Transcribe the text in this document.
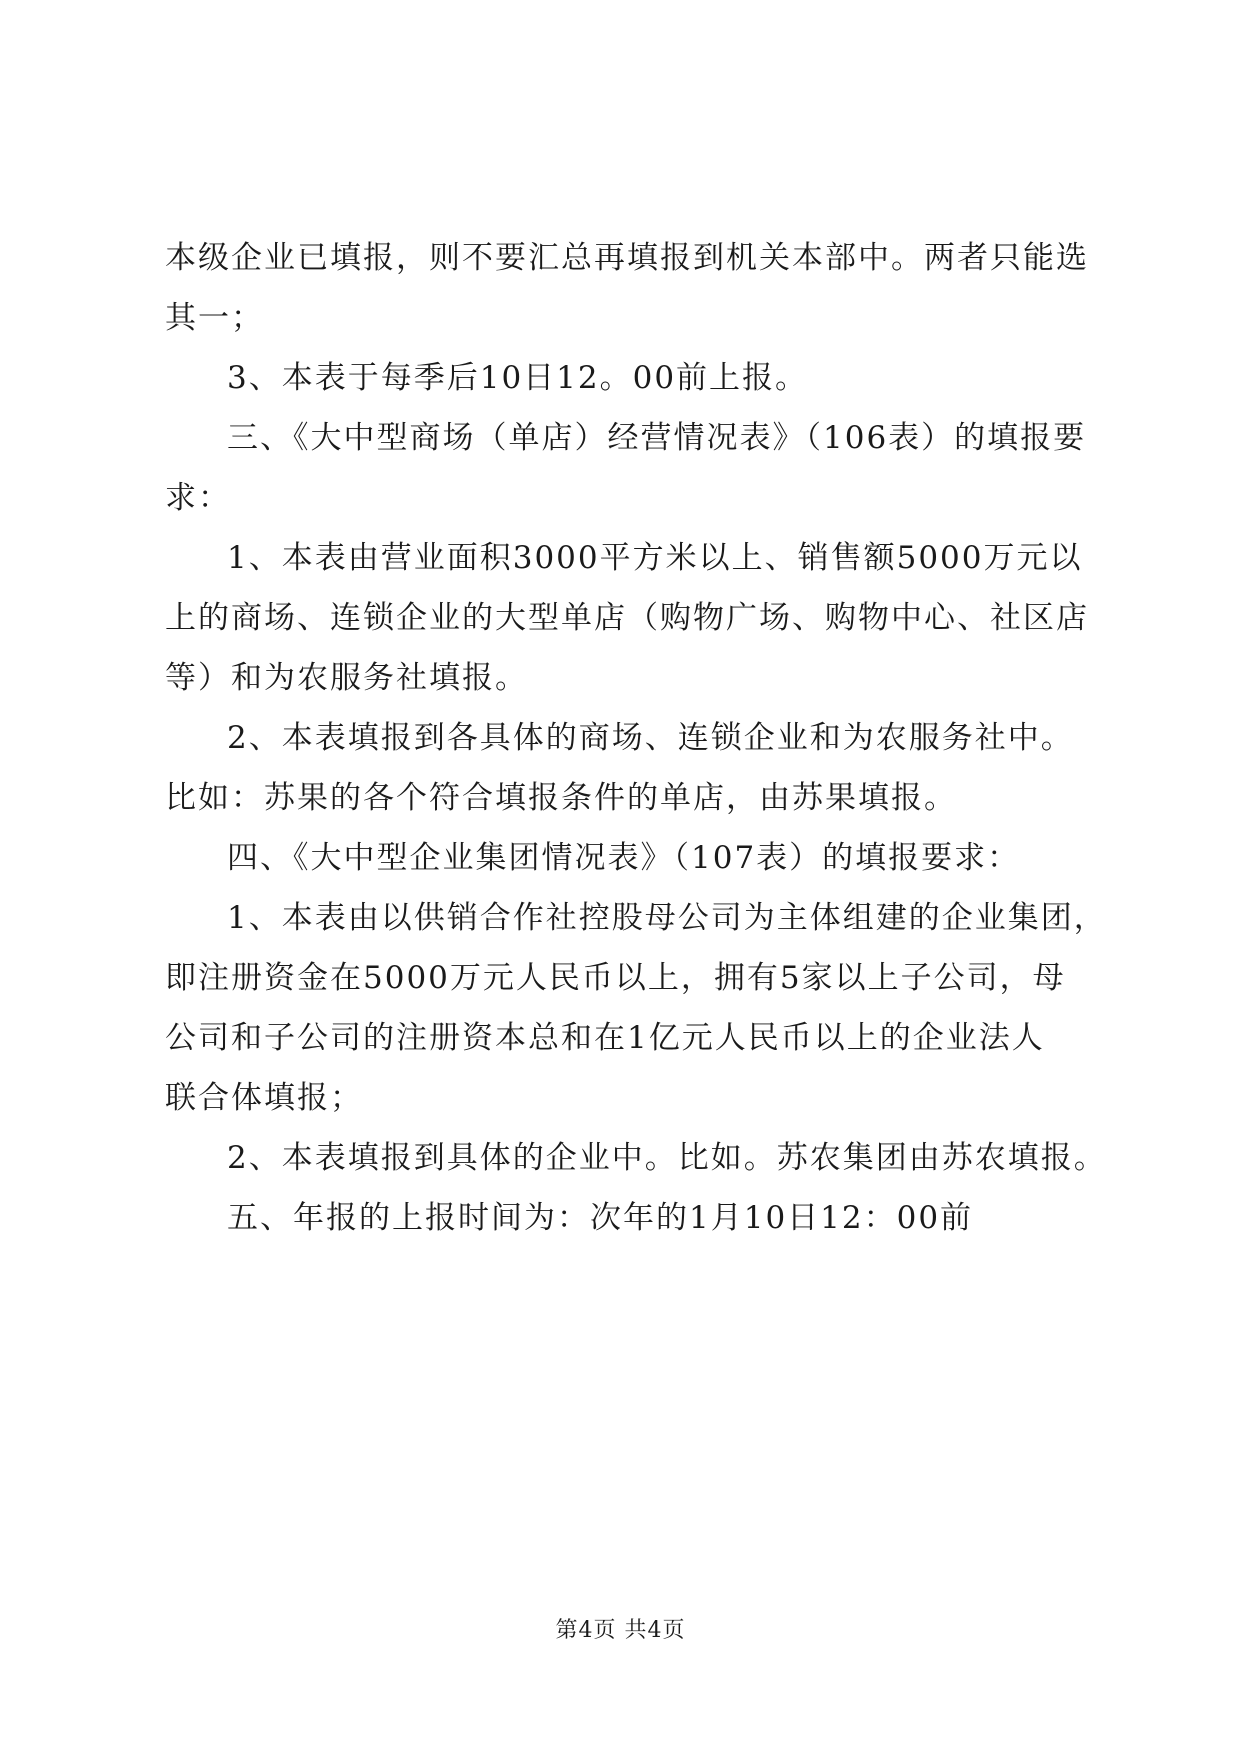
本级企业已填报，则不要汇总再填报到机关本部中。两者只能选
其一；
3、本表于每季后10日12。00前上报。
三、《大中型商场（单店）经营情况表》（106表）的填报要
求：
1、本表由营业面积3000平方米以上、销售额5000万元以
上的商场、连锁企业的大型单店（购物广场、购物中心、社区店
等）和为农服务社填报。
2、本表填报到各具体的商场、连锁企业和为农服务社中。
比如：苏果的各个符合填报条件的单店，由苏果填报。
四、《大中型企业集团情况表》（107表）的填报要求：
1、本表由以供销合作社控股母公司为主体组建的企业集团，
即注册资金在5000万元人民币以上，拥有5家以上子公司，母
公司和子公司的注册资本总和在1亿元人民币以上的企业法人
联合体填报；
2、本表填报到具体的企业中。比如。苏农集团由苏农填报。
五、年报的上报时间为：次年的1月10日12：00前
第4页 共4页
